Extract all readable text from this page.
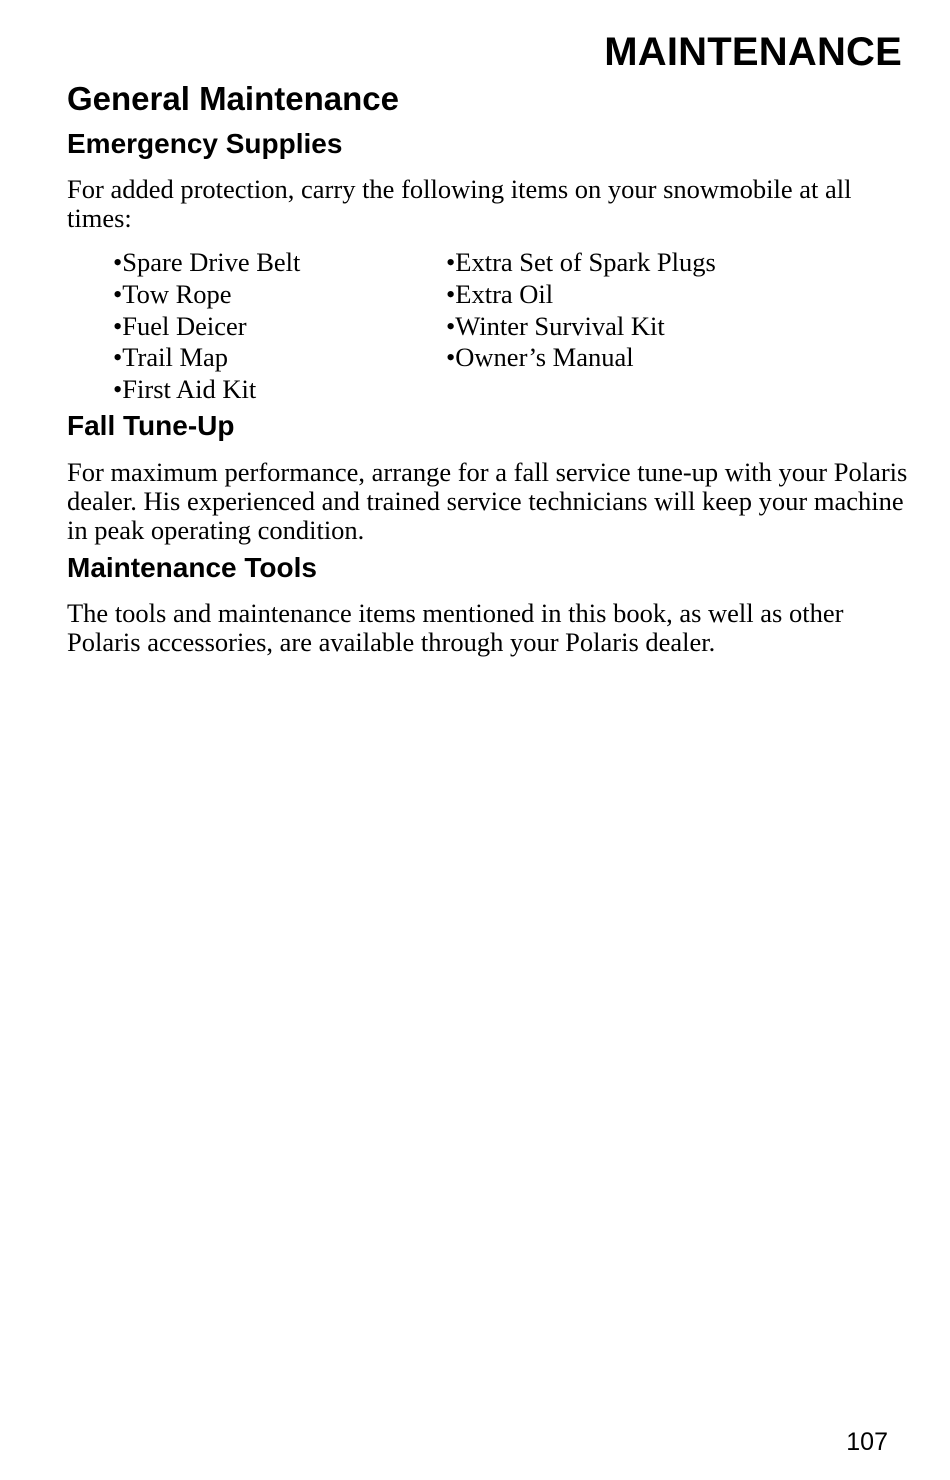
MAINTENANCE
General Maintenance
Emergency Supplies

For added protection, carry the following items on your snowmobile at all times:

•Spare Drive Belt
•Tow Rope
•Fuel Deicer
•Trail Map
•First Aid Kit
•Extra Set of Spark Plugs
•Extra Oil
•Winter Survival Kit
•Owner’s Manual
Fall Tune-Up

For maximum performance, arrange for a fall service tune-up with your Polaris dealer. His experienced and trained service technicians will keep your machine in peak operating condition.

Maintenance Tools

The tools and maintenance items mentioned in this book, as well as other Polaris accessories, are available through your Polaris dealer.

107
